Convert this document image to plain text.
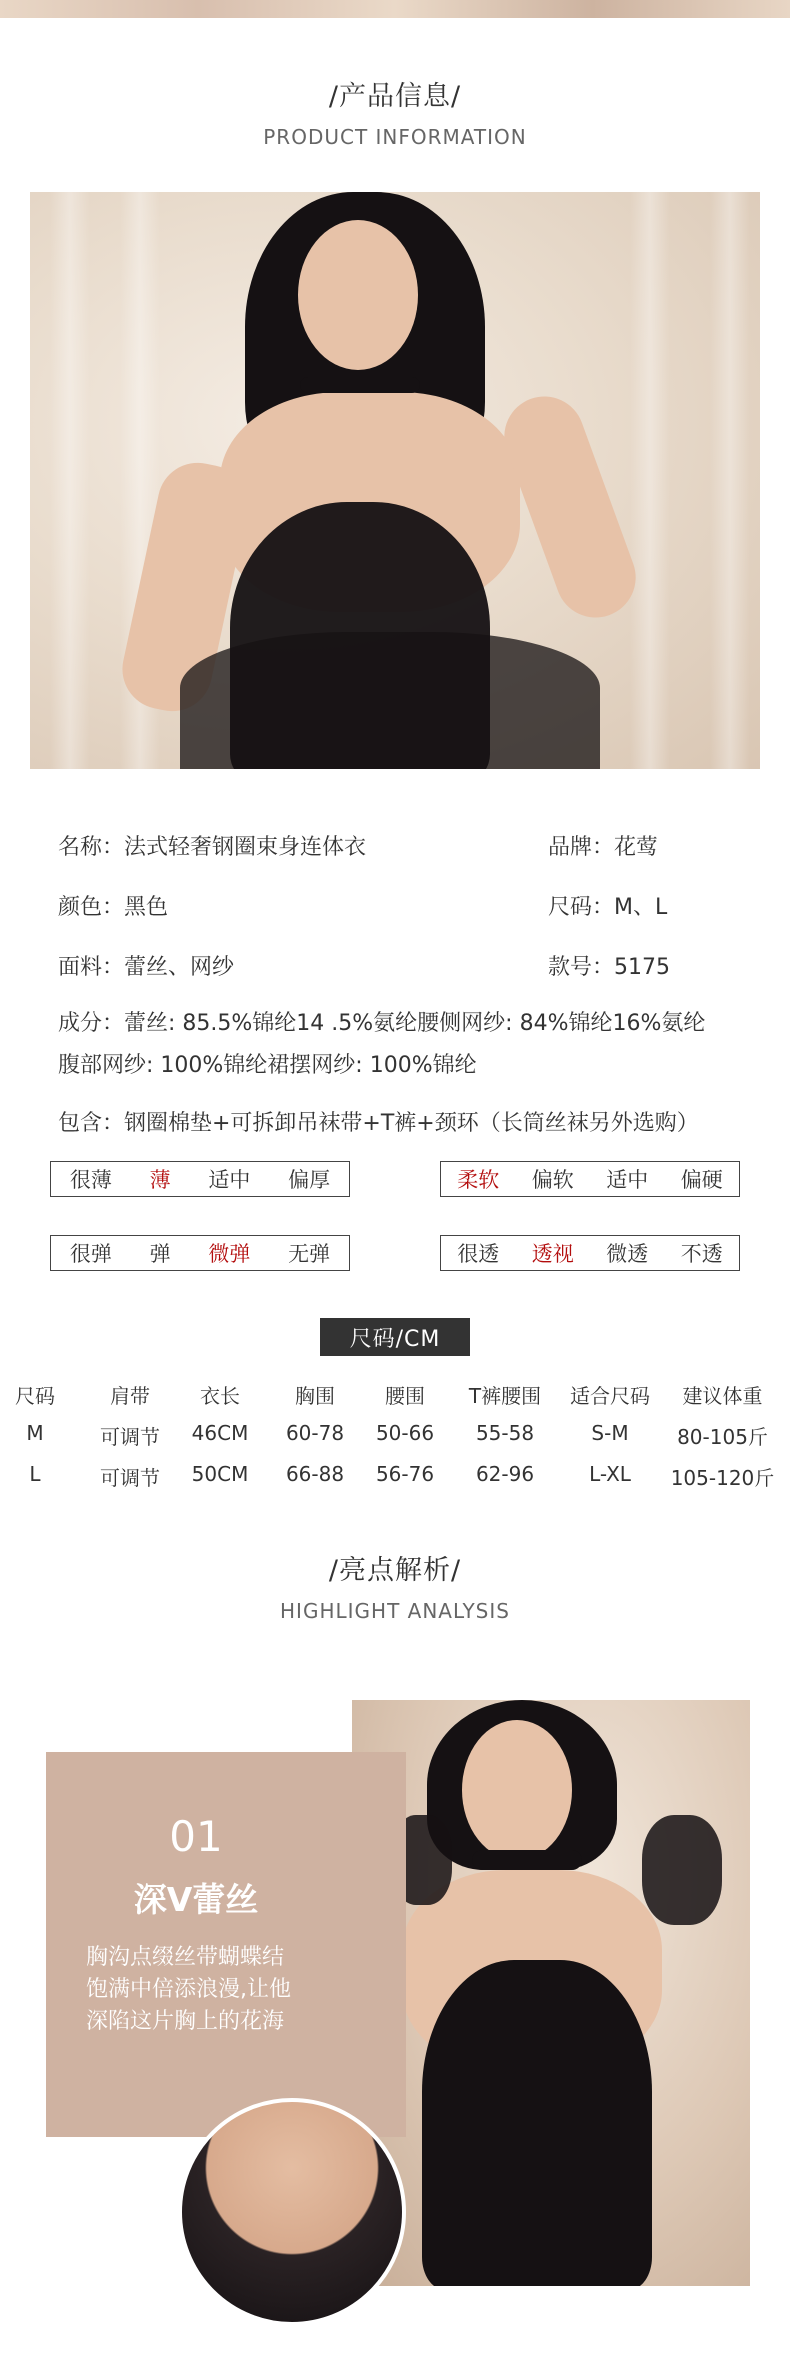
/产品信息/
PRODUCT INFORMATION
名称：法式轻奢钢圈束身连体衣	品牌：花莺
颜色：黑色	尺码：M、L
面料：蕾丝、网纱	款号：5175
成分：蕾丝: 85.5%锦纶14 .5%氨纶腰侧网纱: 84%锦纶16%氨纶
腹部网纱: 100%锦纶裙摆网纱: 100%锦纶
包含：钢圈棉垫+可拆卸吊袜带+T裤+颈环（长筒丝袜另外选购）
很薄 薄 适中 偏厚	柔软 偏软 适中 偏硬
很弹 弹 微弹 无弹	很透 透视 微透 不透
尺码/CM
尺码	肩带	衣长	胸围	腰围	T裤腰围	适合尺码	建议体重
M	可调节	46CM	60-78	50-66	55-58	S-M	80-105斤
L	可调节	50CM	66-88	56-76	62-96	L-XL	105-120斤
/亮点解析/
HIGHLIGHT ANALYSIS
01
深V蕾丝
胸沟点缀丝带蝴蝶结
饱满中倍添浪漫,让他
深陷这片胸上的花海
